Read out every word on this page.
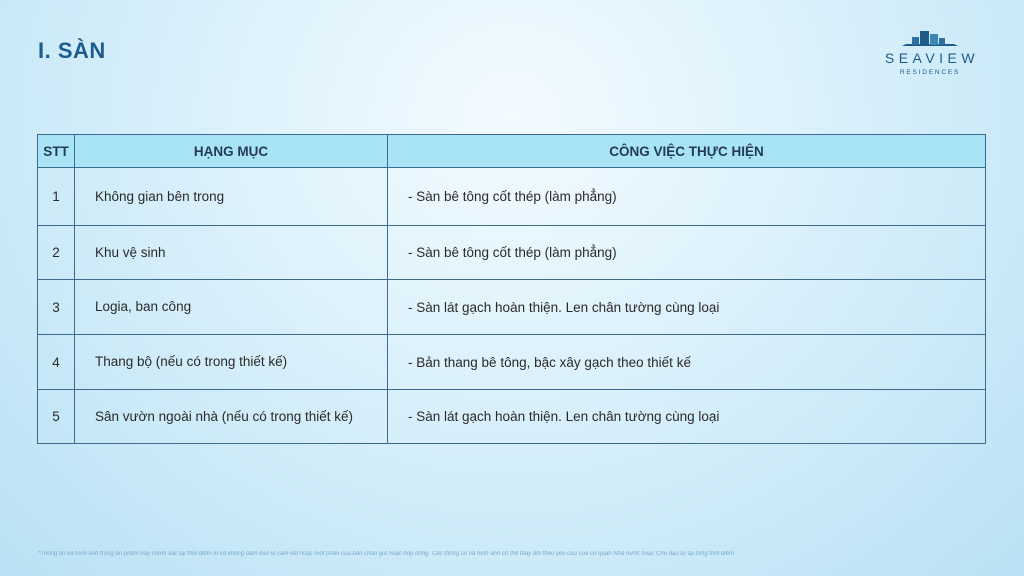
I. SÀN	SEAVIEW
RESIDENCES
STT	HẠNG MỤC	CÔNG VIỆC THỰC HIỆN
1	Không gian bên trong	- Sàn bê tông cốt thép (làm phẳng)
2	Khu vệ sinh	- Sàn bê tông cốt thép (làm phẳng)
3	Logia, ban công	- Sàn lát gạch hoàn thiện. Len chân tường cùng loại
4	Thang bộ (nếu có trong thiết kế)	- Bản thang bê tông, bậc xây gạch theo thiết kế
5	Sân vườn ngoài nhà (nếu có trong thiết kế)	- Sàn lát gạch hoàn thiện. Len chân tường cùng loại
*Thông tin và hình ảnh trong ấn phẩm này chính xác tại thời điểm in và không đảm bảo là cam kết hoặc một phần của bản chào giá hoặc hợp đồng. Các thông số và hình ảnh có thể thay đổi theo yêu cầu của cơ quan Nhà nước hoặc Chủ đầu tư tại từng thời điểm
